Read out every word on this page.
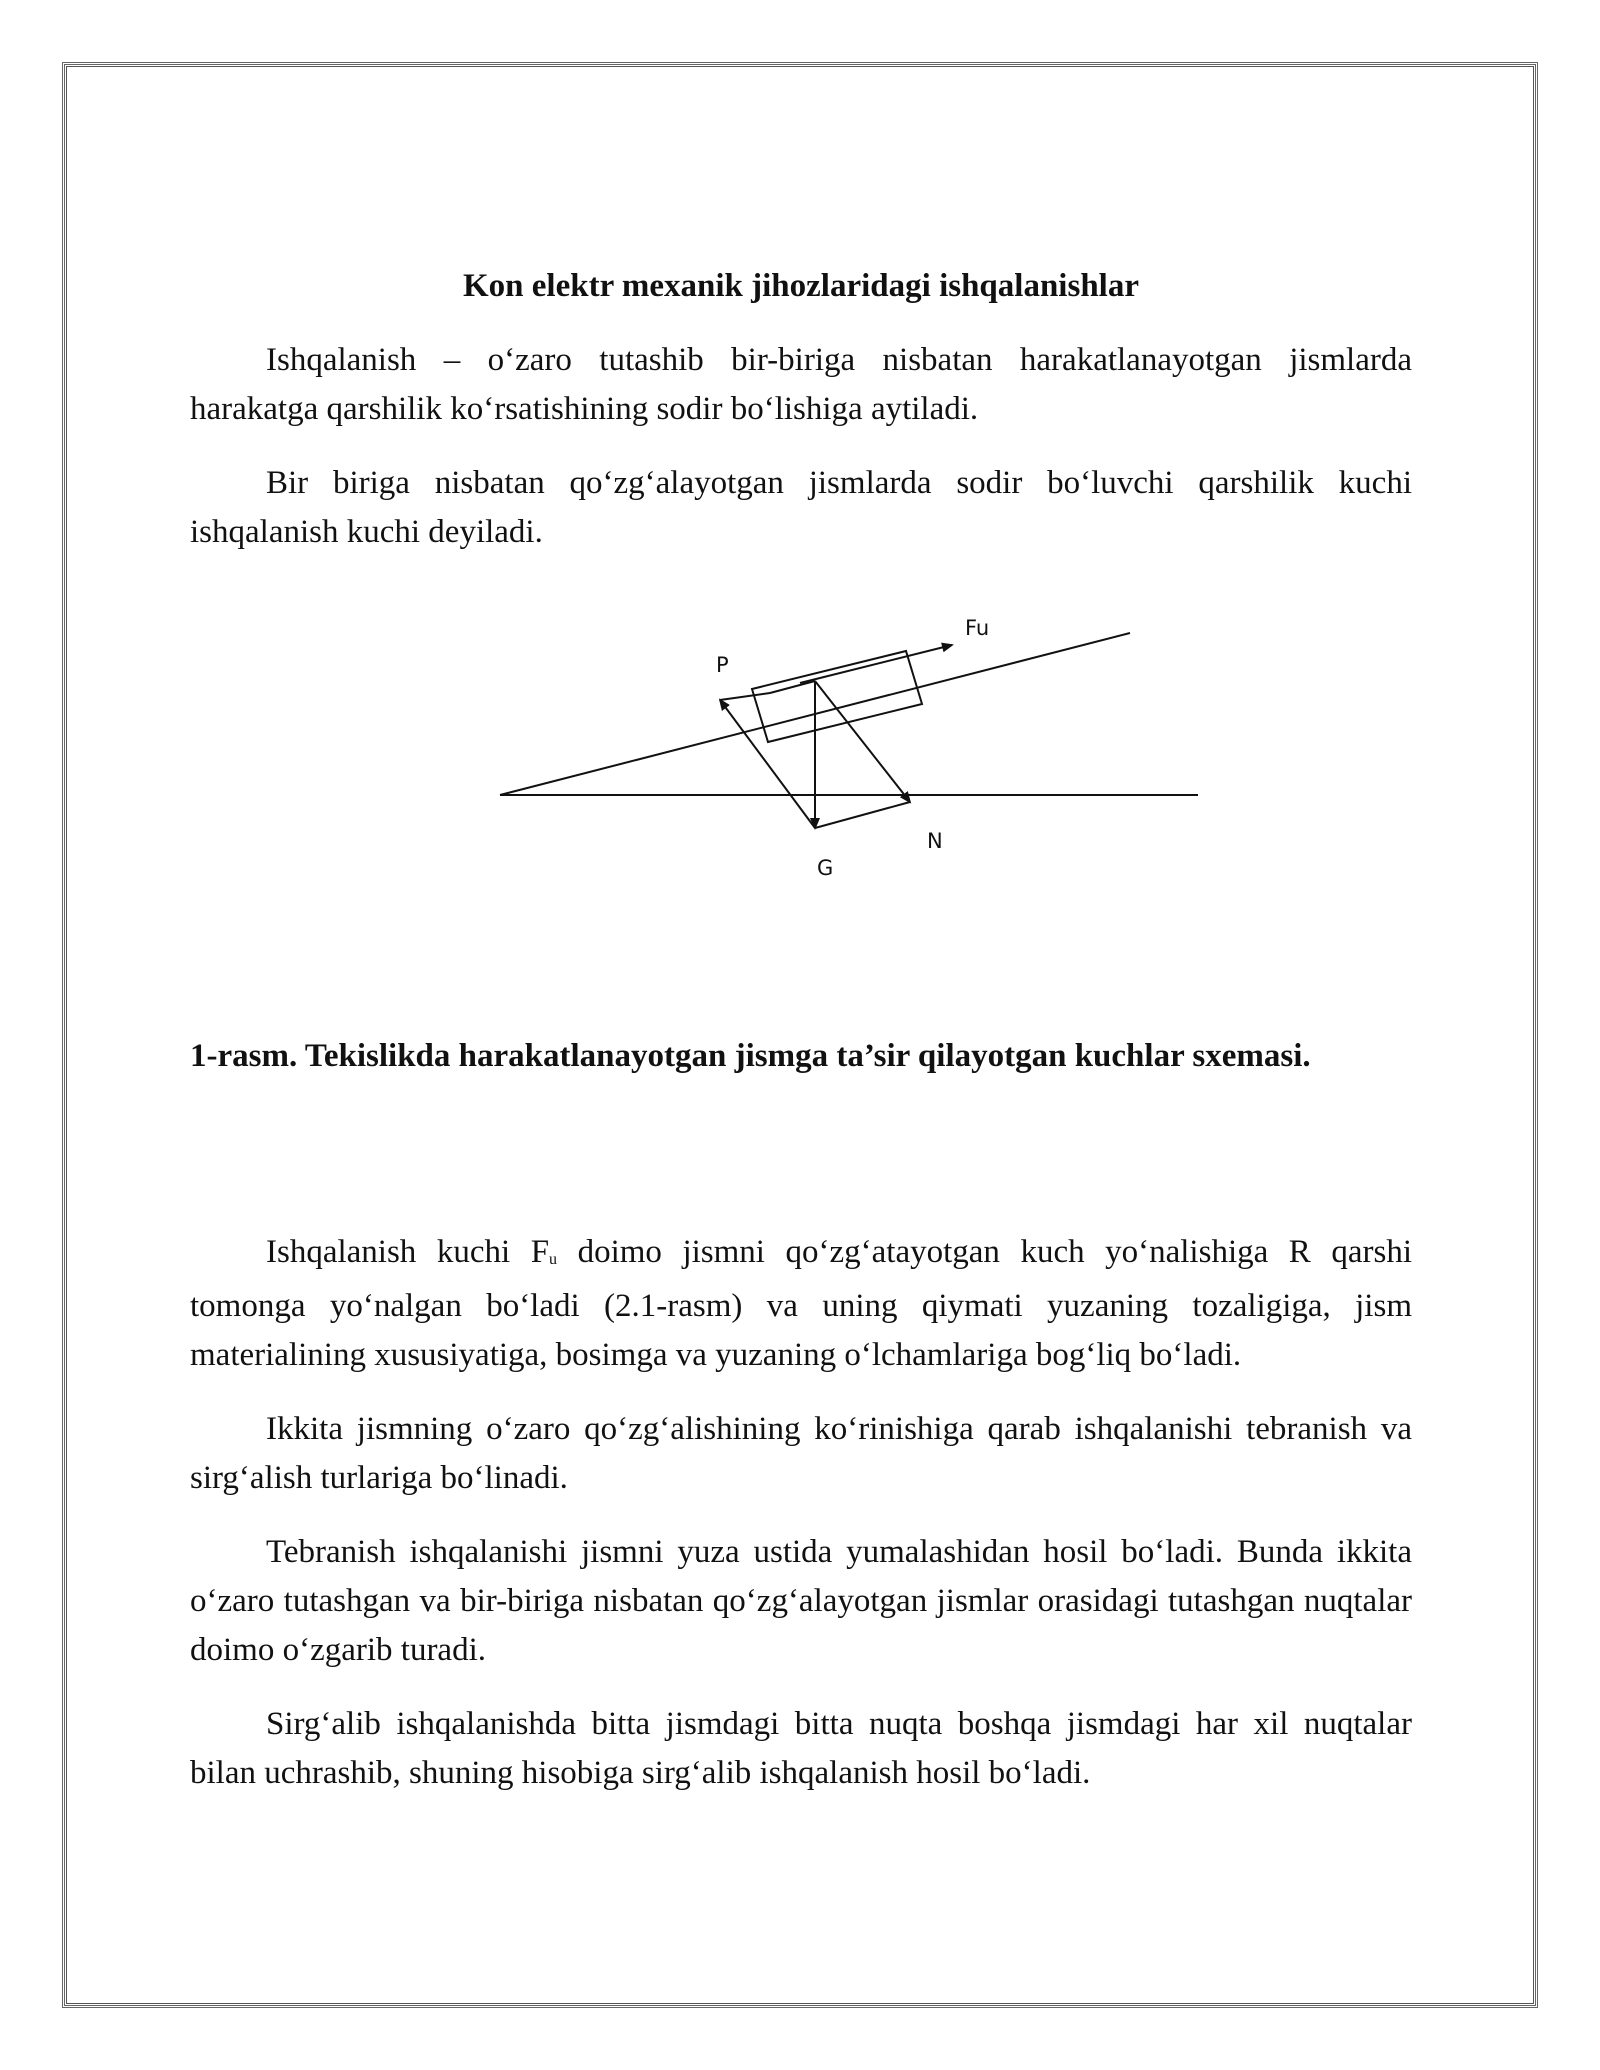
Kon elektr mexanik jihozlaridagi ishqalanishlar

Ishqalanish – o‘zaro tutashib bir-biriga nisbatan harakatlanayotgan jismlarda harakatga qarshilik ko‘rsatishining sodir bo‘lishiga aytiladi.

Bir biriga nisbatan qo‘zg‘alayotgan jismlarda sodir bo‘luvchi qarshilik kuchi ishqalanish kuchi deyiladi.

Fu
P
N
G
1-rasm. Tekislikda harakatlanayotgan jismga ta’sir qilayotgan kuchlar sxemasi.

Ishqalanish kuchi Fu doimo jismni qo‘zg‘atayotgan kuch yo‘nalishiga R qarshi tomonga yo‘nalgan bo‘ladi (2.1-rasm) va uning qiymati yuzaning tozaligiga, jism materialining xususiyatiga, bosimga va yuzaning o‘lchamlariga bog‘liq bo‘ladi.

Ikkita jismning o‘zaro qo‘zg‘alishining ko‘rinishiga qarab ishqalanishi tebranish va sirg‘alish turlariga bo‘linadi.

Tebranish ishqalanishi jismni yuza ustida yumalashidan hosil bo‘ladi. Bunda ikkita o‘zaro tutashgan va bir-biriga nisbatan qo‘zg‘alayotgan jismlar orasidagi tutashgan nuqtalar doimo o‘zgarib turadi.

Sirg‘alib ishqalanishda bitta jismdagi bitta nuqta boshqa jismdagi har xil nuqtalar bilan uchrashib, shuning hisobiga sirg‘alib ishqalanish hosil bo‘ladi.
